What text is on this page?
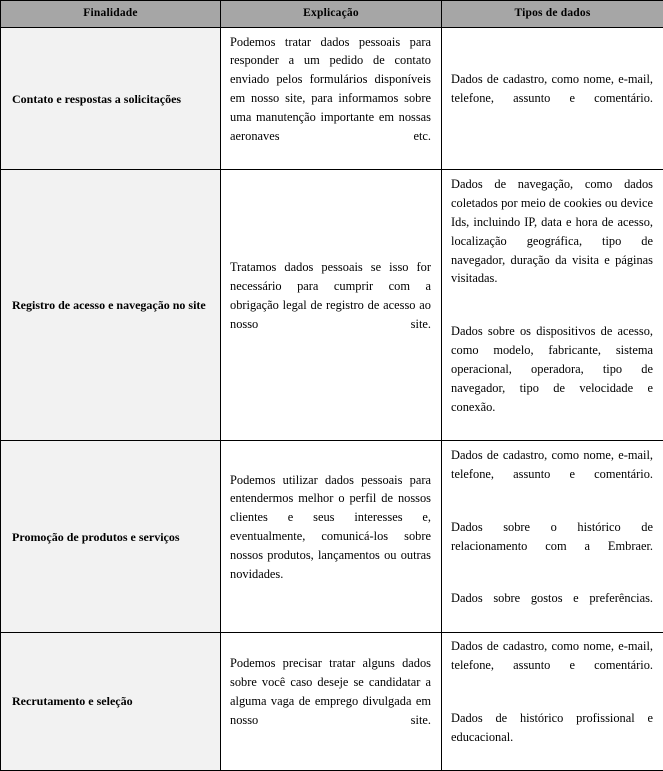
Finalidade	Explicação	Tipos de dados
Contato e respostas a solicitações	Podemos tratar dados pessoais para responder a um pedido de contato enviado pelos formulários disponíveis em nosso site, para informamos sobre uma manutenção importante em nossas aeronaves etc.	Dados de cadastro, como nome, e-mail, telefone, assunto e comentário.

Registro de acesso e navegação no site	Tratamos dados pessoais se isso for necessário para cumprir com a obrigação legal de registro de acesso ao nosso site.	Dados de navegação, como dados coletados por meio de cookies ou device Ids, incluindo IP, data e hora de acesso, localização geográfica, tipo de navegador, duração da visita e páginas visitadas.

Dados sobre os dispositivos de acesso, como modelo, fabricante, sistema operacional, operadora, tipo de navegador, tipo de velocidade e conexão.

Promoção de produtos e serviços	Podemos utilizar dados pessoais para entendermos melhor o perfil de nossos clientes e seus interesses e, eventualmente, comunicá-los sobre nossos produtos, lançamentos ou outras novidades.	Dados de cadastro, como nome, e-mail, telefone, assunto e comentário.

Dados sobre o histórico de relacionamento com a Embraer.

Dados sobre gostos e preferências.

Recrutamento e seleção	Podemos precisar tratar alguns dados sobre você caso deseje se candidatar a alguma vaga de emprego divulgada em nosso site.	Dados de cadastro, como nome, e-mail, telefone, assunto e comentário.

Dados de histórico profissional e educacional.
